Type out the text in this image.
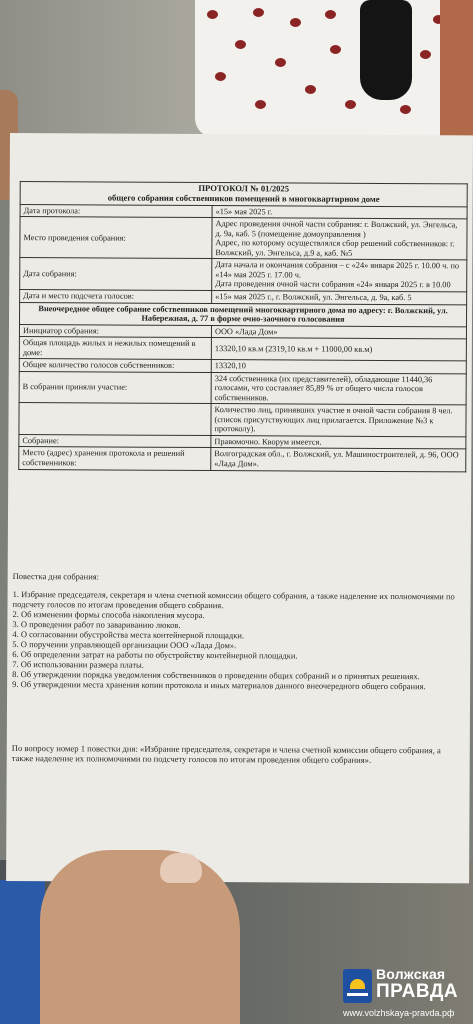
ПРОТОКОЛ № 01/2025
общего собрания собственников помещений в многоквартирном доме	

Дата протокола:	«15» мая 2025 г.
Место проведения собрания:	Адрес проведения очной части собрания: г. Волжский, ул. Энгельса, д. 9а, каб. 5 (помещение домоуправления )
Адрес, по которому осуществлялся сбор решений собственников: г. Волжский, ул. Энгельса, д.9 а, каб. №5
Дата собрания:	Дата начала и окончания собрания – с «24» января 2025 г. 10.00 ч. по «14» мая 2025 г. 17.00 ч.
Дата проведения очной части собрания «24» января 2025 г. в 10.00
Дата и место подсчета голосов:	«15» мая 2025 г., г. Волжский, ул. Энгельса, д. 9а, каб. 5
Внеочередное общее собрание собственников помещений многоквартирного дома по адресу: г. Волжский, ул. Набережная, д. 77 в форме очно-заочного голосования	
Инициатор собрания:	ООО «Лада Дом»
Общая площадь жилых и нежилых помещений в доме:	13320,10 кв.м (2319,10 кв.м + 11000,00 кв.м)
Общее количество голосов собственников:	13320,10
В собрании приняли участие:	324 собственника (их представителей), обладающие 11440,36 голосами, что составляет 85,89 % от общего числа голосов собственников.
	Количество лиц, принявших участие в очной части собрания 8 чел. (список присутствующих лиц прилагается. Приложение №3 к протоколу).
Собрание:	Правомочно. Кворум имеется.
Место (адрес) хранения протокола и решений собственников:	Волгоградская обл., г. Волжский, ул. Машиностроителей, д. 96, ООО «Лада Дом».

Повестка дня собрания:

1. Избрание председателя, секретаря и члена счетной комиссии общего собрания, а также наделение их полномочиями по подсчету голосов по итогам проведения общего собрания.

2. Об изменении формы способа накопления мусора.

3. О проведении работ по завариванию люков.

4. О согласовании обустройства места контейнерной площадки.

5. О поручении управляющей организации ООО «Лада Дом».

6. Об определении затрат на работы по обустройству контейнерной площадки.

7. Об использовании размера платы.

8. Об утверждении порядка уведомления собственников о проведении общих собраний и о принятых решениях.

9. Об утверждении места хранения копии протокола и иных материалов данного внеочередного общего собрания.

По вопросу номер 1 повестки дня: «Избрание председателя, секретаря и члена счетной комиссии общего собрания, а также наделение их полномочиями по подсчету голосов по итогам проведения общего собрания».
Волжская
ПРАВДА
www.volzhskaya-pravda.рф
